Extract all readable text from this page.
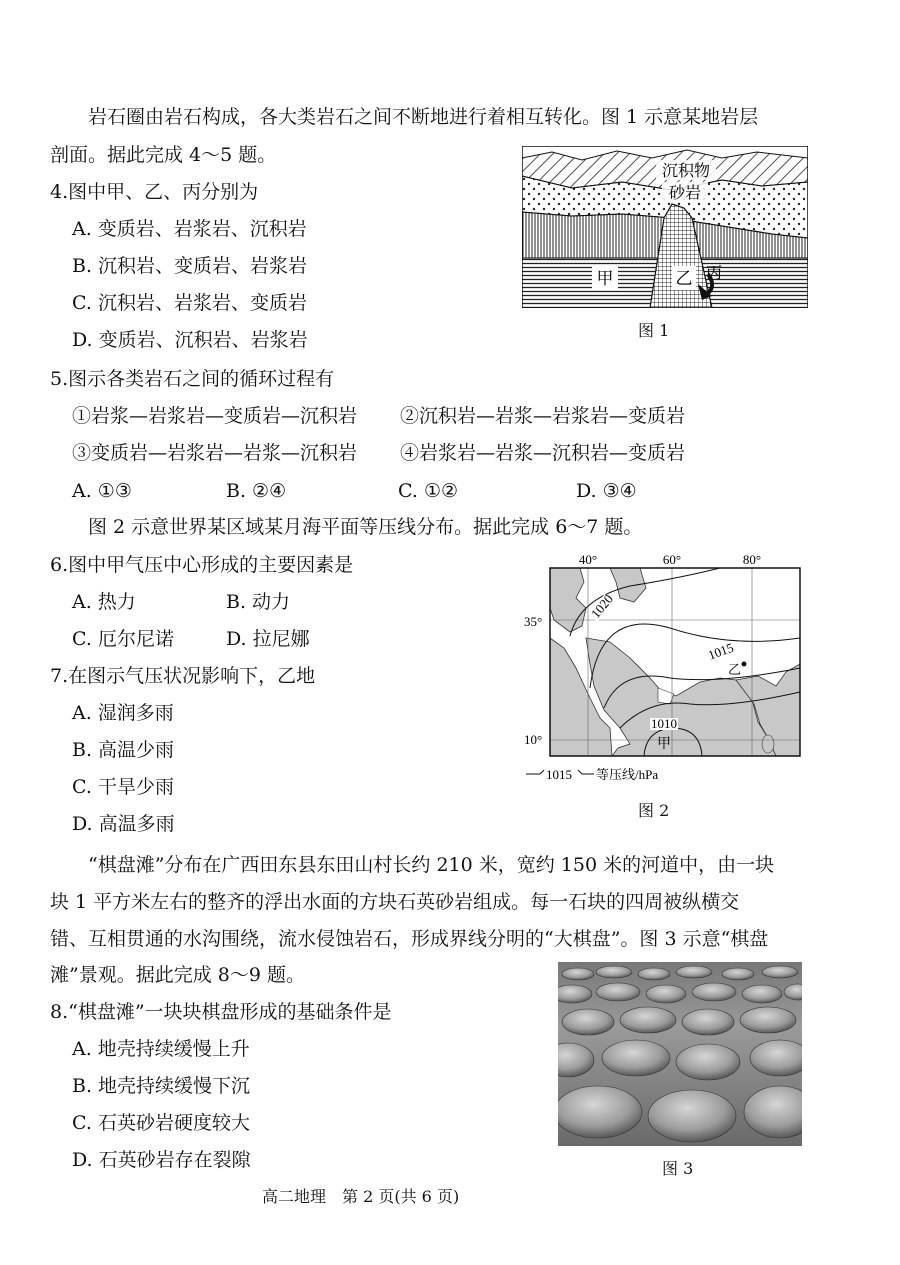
岩石圈由岩石构成，各大类岩石之间不断地进行着相互转化。图 1 示意某地岩层
剖面。据此完成 4～5 题。
4.图中甲、乙、丙分别为
A. 变质岩、岩浆岩、沉积岩
B. 沉积岩、变质岩、岩浆岩
C. 沉积岩、岩浆岩、变质岩
D. 变质岩、沉积岩、岩浆岩
甲	乙 丙
沉积物
砂岩
图 1
5.图示各类岩石之间的循环过程有
①岩浆—岩浆岩—变质岩—沉积岩 ②沉积岩—岩浆—岩浆岩—变质岩
③变质岩—岩浆岩—岩浆—沉积岩 ④岩浆岩—岩浆—沉积岩—变质岩
A. ①③	B. ②④	C. ①②	D. ③④
图 2 示意世界某区域某月海平面等压线分布。据此完成 6～7 题。
6.图中甲气压中心形成的主要因素是
A. 热力	B. 动力
C. 厄尔尼诺	D. 拉尼娜
7.在图示气压状况影响下，乙地
A. 湿润多雨
B. 高温少雨
C. 干旱少雨
D. 高温多雨
40°	60°	80°
35°
10°
1020
1015
1010
甲
乙
1015 等压线/hPa
图 2
“棋盘滩”分布在广西田东县东田山村长约 210 米，宽约 150 米的河道中，由一块
块 1 平方米左右的整齐的浮出水面的方块石英砂岩组成。每一石块的四周被纵横交
错、互相贯通的水沟围绕，流水侵蚀岩石，形成界线分明的“大棋盘”。图 3 示意“棋盘
滩”景观。据此完成 8～9 题。
图 3
8.“棋盘滩”一块块棋盘形成的基础条件是
A. 地壳持续缓慢上升
B. 地壳持续缓慢下沉
C. 石英砂岩硬度较大
D. 石英砂岩存在裂隙
高二地理　第 2 页(共 6 页)
